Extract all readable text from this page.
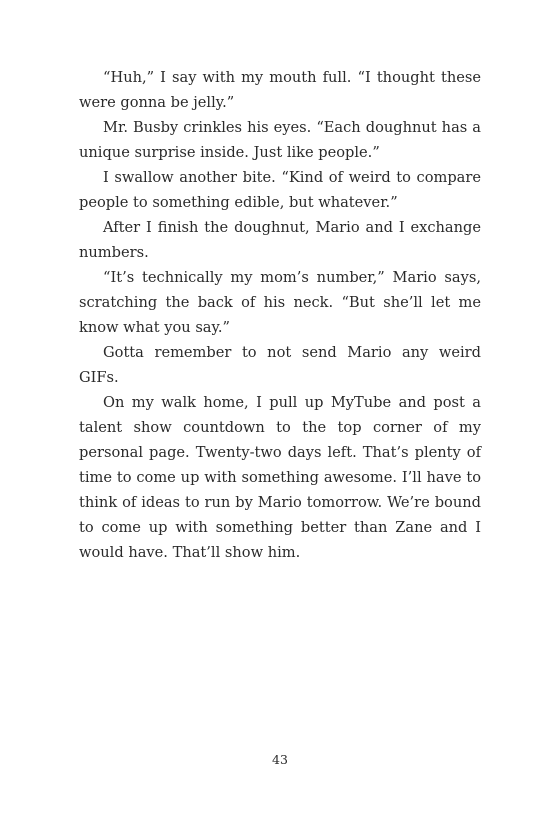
“Huh,” I say with my mouth full. “I thought these were gonna be jelly.”

Mr. Busby crinkles his eyes. “Each doughnut has a unique surprise inside. Just like people.”

I swallow another bite. “Kind of weird to compare people to something edible, but whatever.”

After I finish the doughnut, Mario and I exchange numbers.

“It’s technically my mom’s number,” Mario says, scratching the back of his neck. “But she’ll let me know what you say.”

Gotta remember to not send Mario any weird GIFs.

On my walk home, I pull up MyTube and post a talent show countdown to the top corner of my personal page. Twenty-two days left. That’s plenty of time to come up with something awesome. I’ll have to think of ideas to run by Mario tomorrow. We’re bound to come up with something better than Zane and I would have. That’ll show him.

43
